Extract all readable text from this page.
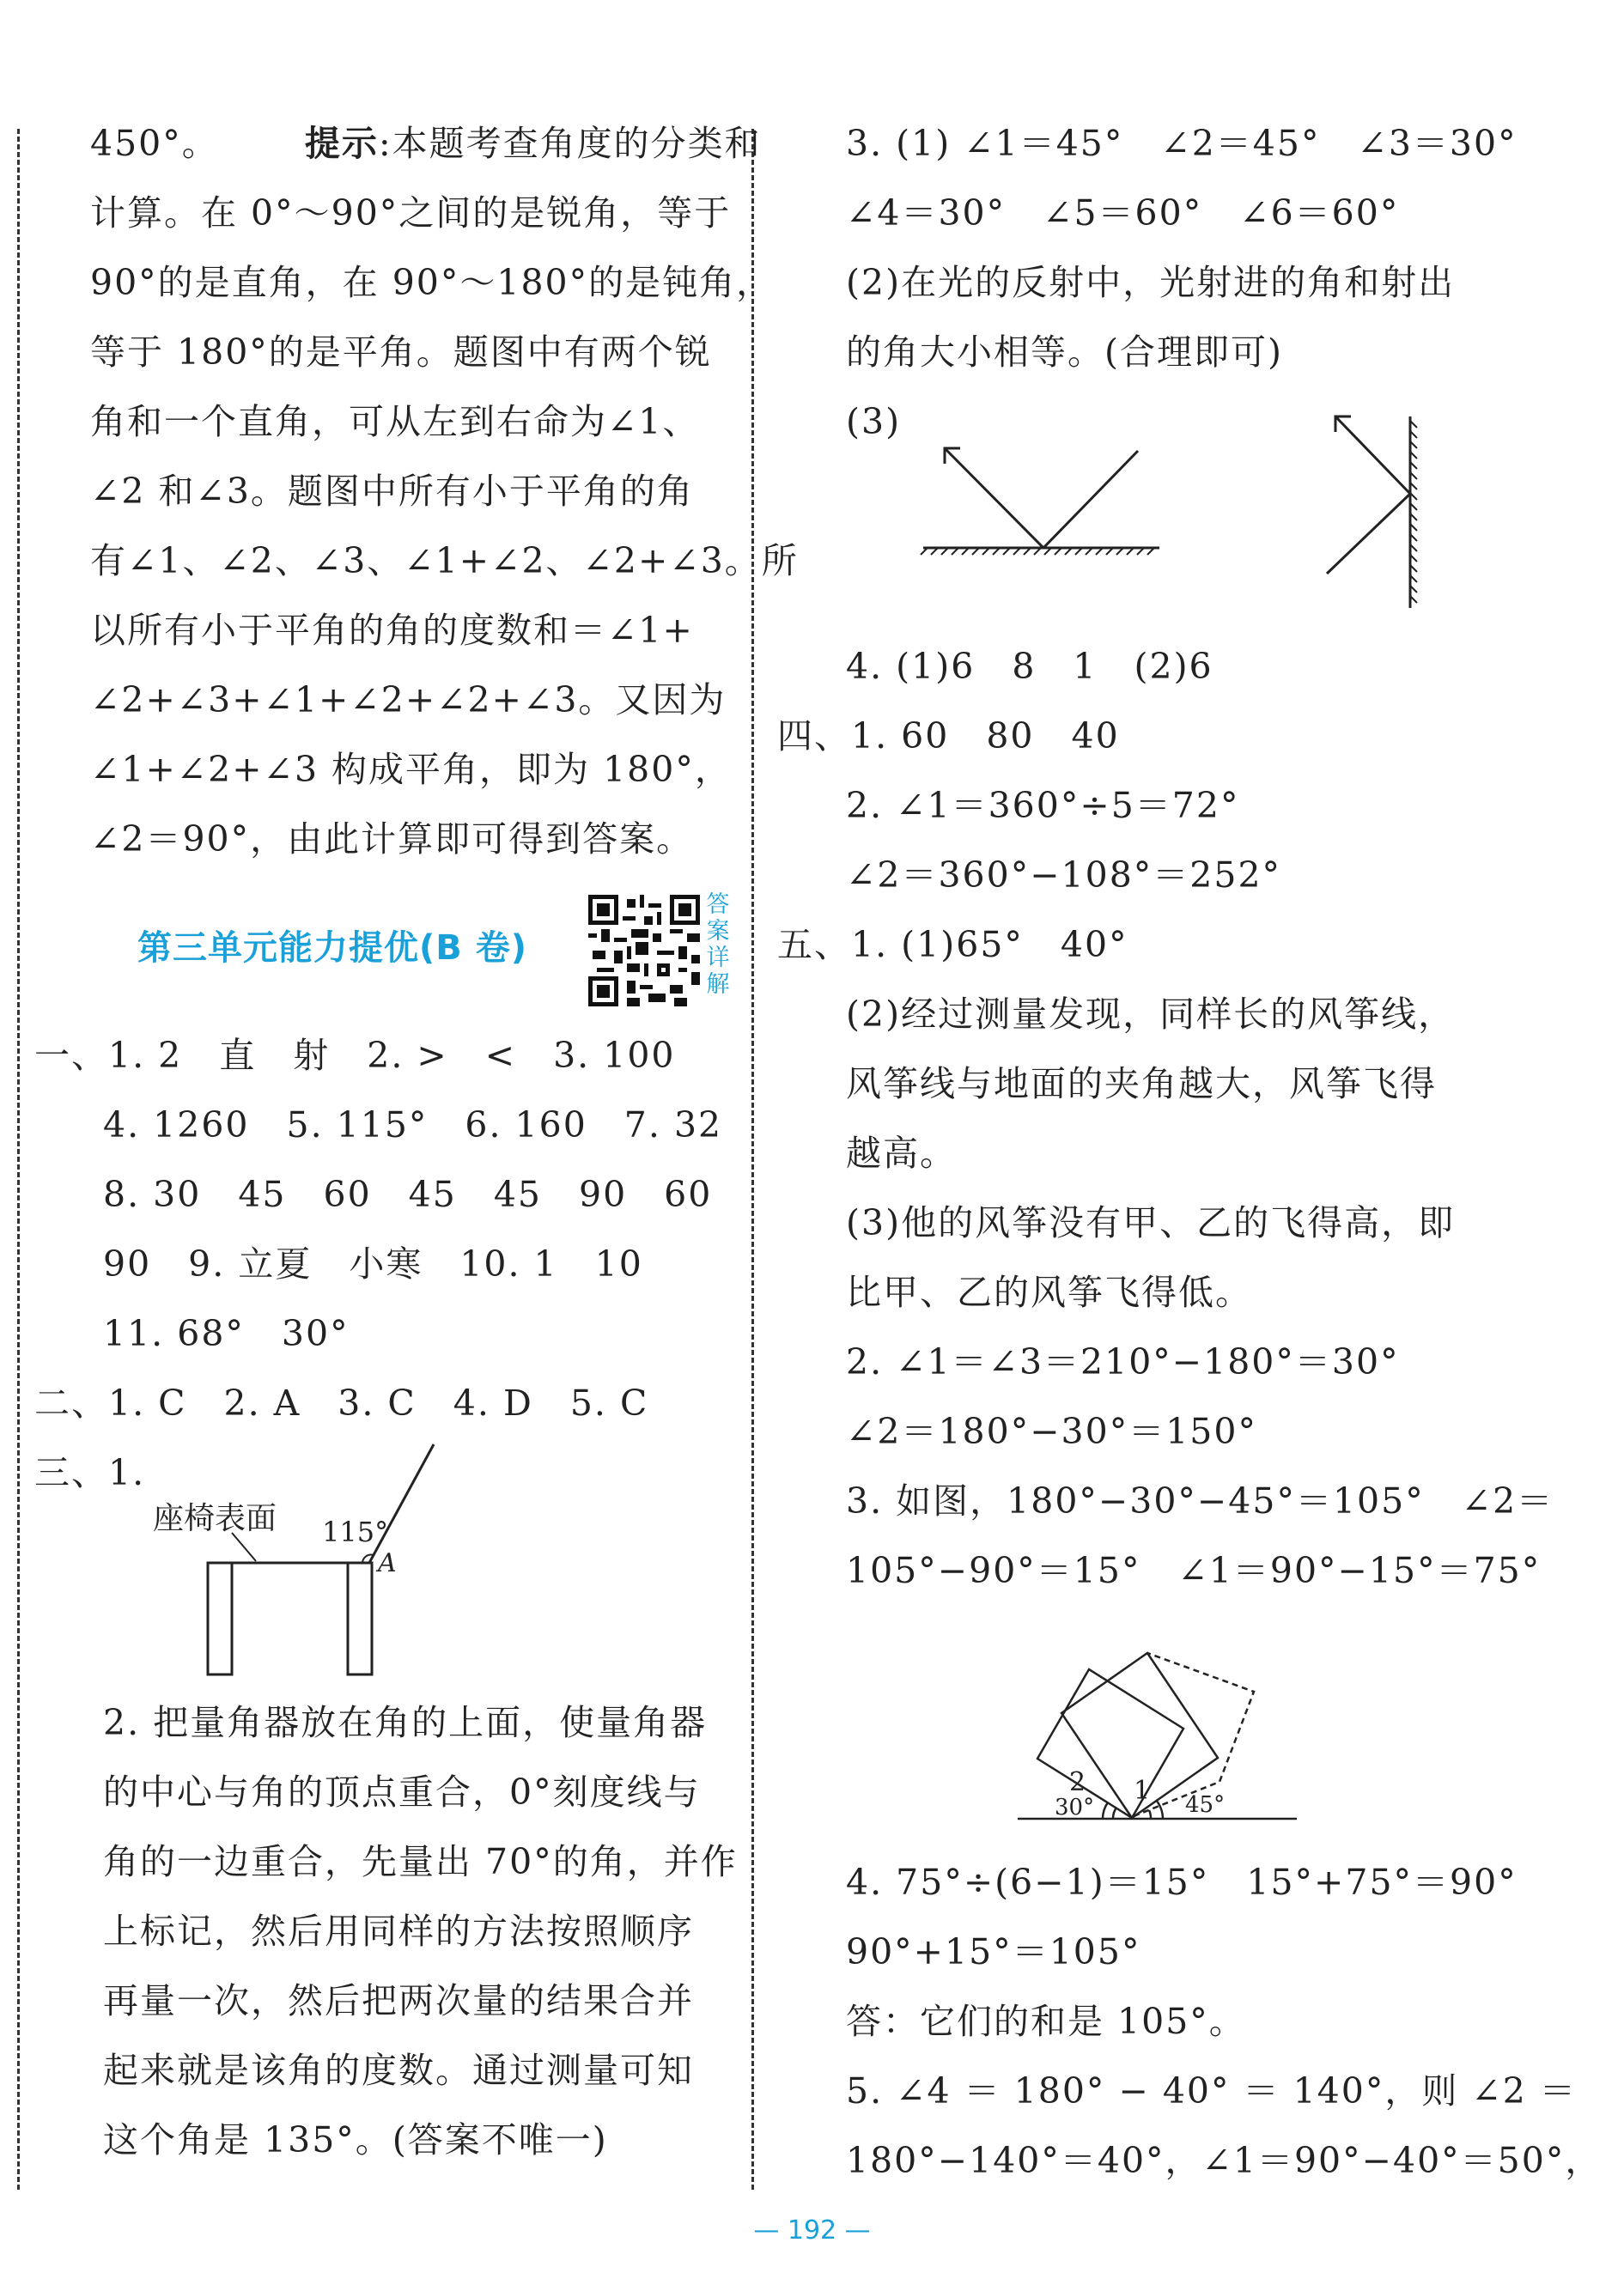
450°。 提示:本题考查角度的分类和
计算。在 0°～90°之间的是锐角，等于
90°的是直角，在 90°～180°的是钝角，
等于 180°的是平角。题图中有两个锐
角和一个直角，可从左到右命为∠1、
∠2 和∠3。题图中所有小于平角的角
有∠1、∠2、∠3、∠1+∠2、∠2+∠3。所
以所有小于平角的角的度数和＝∠1+
∠2+∠3+∠1+∠2+∠2+∠3。又因为
∠1+∠2+∠3 构成平角，即为 180°，
∠2＝90°，由此计算即可得到答案。
第三单元能力提优(B 卷)
答
案
详
解
一、1. 2　直　射　2. >　<　3. 100
4. 1260　5. 115°　6. 160　7. 32
8. 30　45　60　45　45　90　60
90　9. 立夏　小寒　10. 1　10
11. 68°　30°
二、1. C　2. A　3. C　4. D　5. C
三、1.
座椅表面 115°
A
2. 把量角器放在角的上面，使量角器
的中心与角的顶点重合，0°刻度线与
角的一边重合，先量出 70°的角，并作
上标记，然后用同样的方法按照顺序
再量一次，然后把两次量的结果合并
起来就是该角的度数。通过测量可知
这个角是 135°。(答案不唯一)
3. (1) ∠1＝45°　∠2＝45°　∠3＝30°
∠4＝30°　∠5＝60°　∠6＝60°
(2)在光的反射中，光射进的角和射出
的角大小相等。(合理即可)
(3)
4. (1)6　8　1　(2)6
四、1. 60　80　40
2. ∠1＝360°÷5＝72°
∠2＝360°−108°＝252°
五、1. (1)65°　40°
(2)经过测量发现，同样长的风筝线，
风筝线与地面的夹角越大，风筝飞得
越高。
(3)他的风筝没有甲、乙的飞得高，即
比甲、乙的风筝飞得低。
2. ∠1＝∠3＝210°−180°＝30°
∠2＝180°−30°＝150°
3. 如图，180°−30°−45°＝105°　∠2＝
105°−90°＝15°　∠1＝90°−15°＝75°
2 1
30°	45°
4. 75°÷(6−1)＝15°　15°+75°＝90°
90°+15°＝105°
答：它们的和是 105°。
5. ∠4 ＝ 180° − 40° ＝ 140°，则 ∠2 ＝
180°−140°＝40°，∠1＝90°−40°＝50°，
— 192 —
